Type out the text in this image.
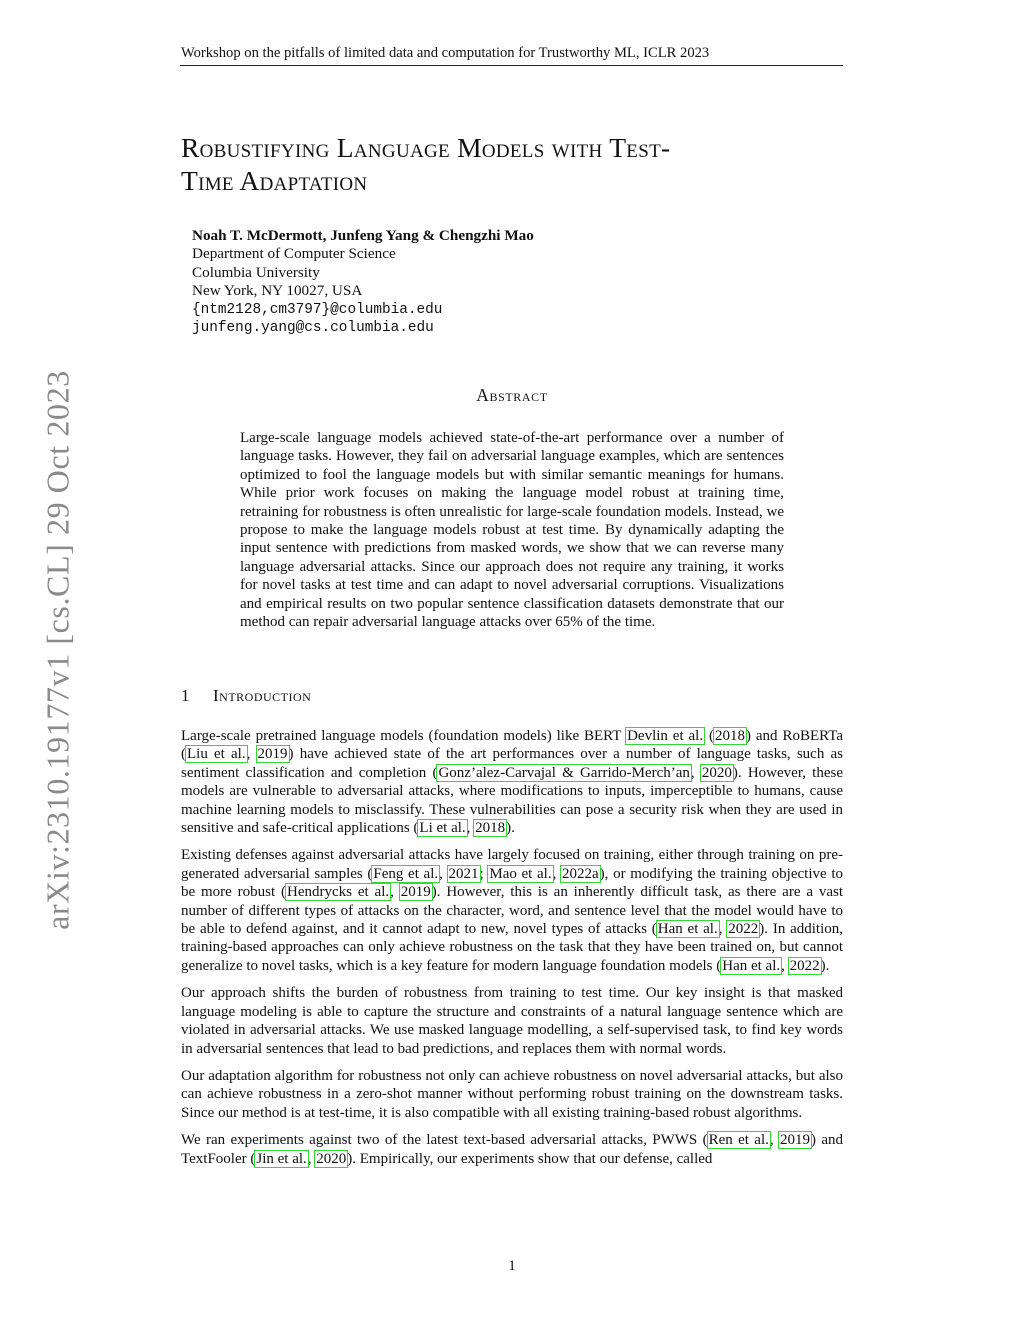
Workshop on the pitfalls of limited data and computation for Trustworthy ML, ICLR 2023
Robustifying Language Models with Test-
Time Adaptation
Noah T. McDermott, Junfeng Yang & Chengzhi Mao
Department of Computer Science
Columbia University
New York, NY 10027, USA
{ntm2128,cm3797}@columbia.edu
junfeng.yang@cs.columbia.edu
arXiv:2310.19177v1 [cs.CL] 29 Oct 2023	Abstract
Large-scale language models achieved state-of-the-art performance over a number of language tasks. However, they fail on adversarial language examples, which are sentences optimized to fool the language models but with similar semantic meanings for humans. While prior work focuses on making the language model robust at training time, retraining for robustness is often unrealistic for large-scale foundation models. Instead, we propose to make the language models robust at test time. By dynamically adapting the input sentence with predictions from masked words, we show that we can reverse many language adversarial attacks. Since our approach does not require any training, it works for novel tasks at test time and can adapt to novel adversarial corruptions. Visualizations and empirical results on two popular sentence classification datasets demonstrate that our method can repair adversarial language attacks over 65% of the time.
1 Introduction

Large-scale pretrained language models (foundation models) like BERT Devlin et al. (2018) and RoBERTa (Liu et al., 2019) have achieved state of the art performances over a number of language tasks, such as sentiment classification and completion (Gonz’alez-Carvajal & Garrido-Merch’an, 2020). However, these models are vulnerable to adversarial attacks, where modifications to inputs, imperceptible to humans, cause machine learning models to misclassify. These vulnerabilities can pose a security risk when they are used in sensitive and safe-critical applications (Li et al., 2018).

Existing defenses against adversarial attacks have largely focused on training, either through training on pre-generated adversarial samples (Feng et al., 2021; Mao et al., 2022a), or modifying the training objective to be more robust (Hendrycks et al., 2019). However, this is an inherently difficult task, as there are a vast number of different types of attacks on the character, word, and sentence level that the model would have to be able to defend against, and it cannot adapt to new, novel types of attacks (Han et al., 2022). In addition, training-based approaches can only achieve robustness on the task that they have been trained on, but cannot generalize to novel tasks, which is a key feature for modern language foundation models (Han et al., 2022).

Our approach shifts the burden of robustness from training to test time. Our key insight is that masked language modeling is able to capture the structure and constraints of a natural language sentence which are violated in adversarial attacks. We use masked language modelling, a self-supervised task, to find key words in adversarial sentences that lead to bad predictions, and replaces them with normal words.

Our adaptation algorithm for robustness not only can achieve robustness on novel adversarial attacks, but also can achieve robustness in a zero-shot manner without performing robust training on the downstream tasks. Since our method is at test-time, it is also compatible with all existing training-based robust algorithms.

We ran experiments against two of the latest text-based adversarial attacks, PWWS (Ren et al., 2019) and TextFooler (Jin et al., 2020). Empirically, our experiments show that our defense, called

1
